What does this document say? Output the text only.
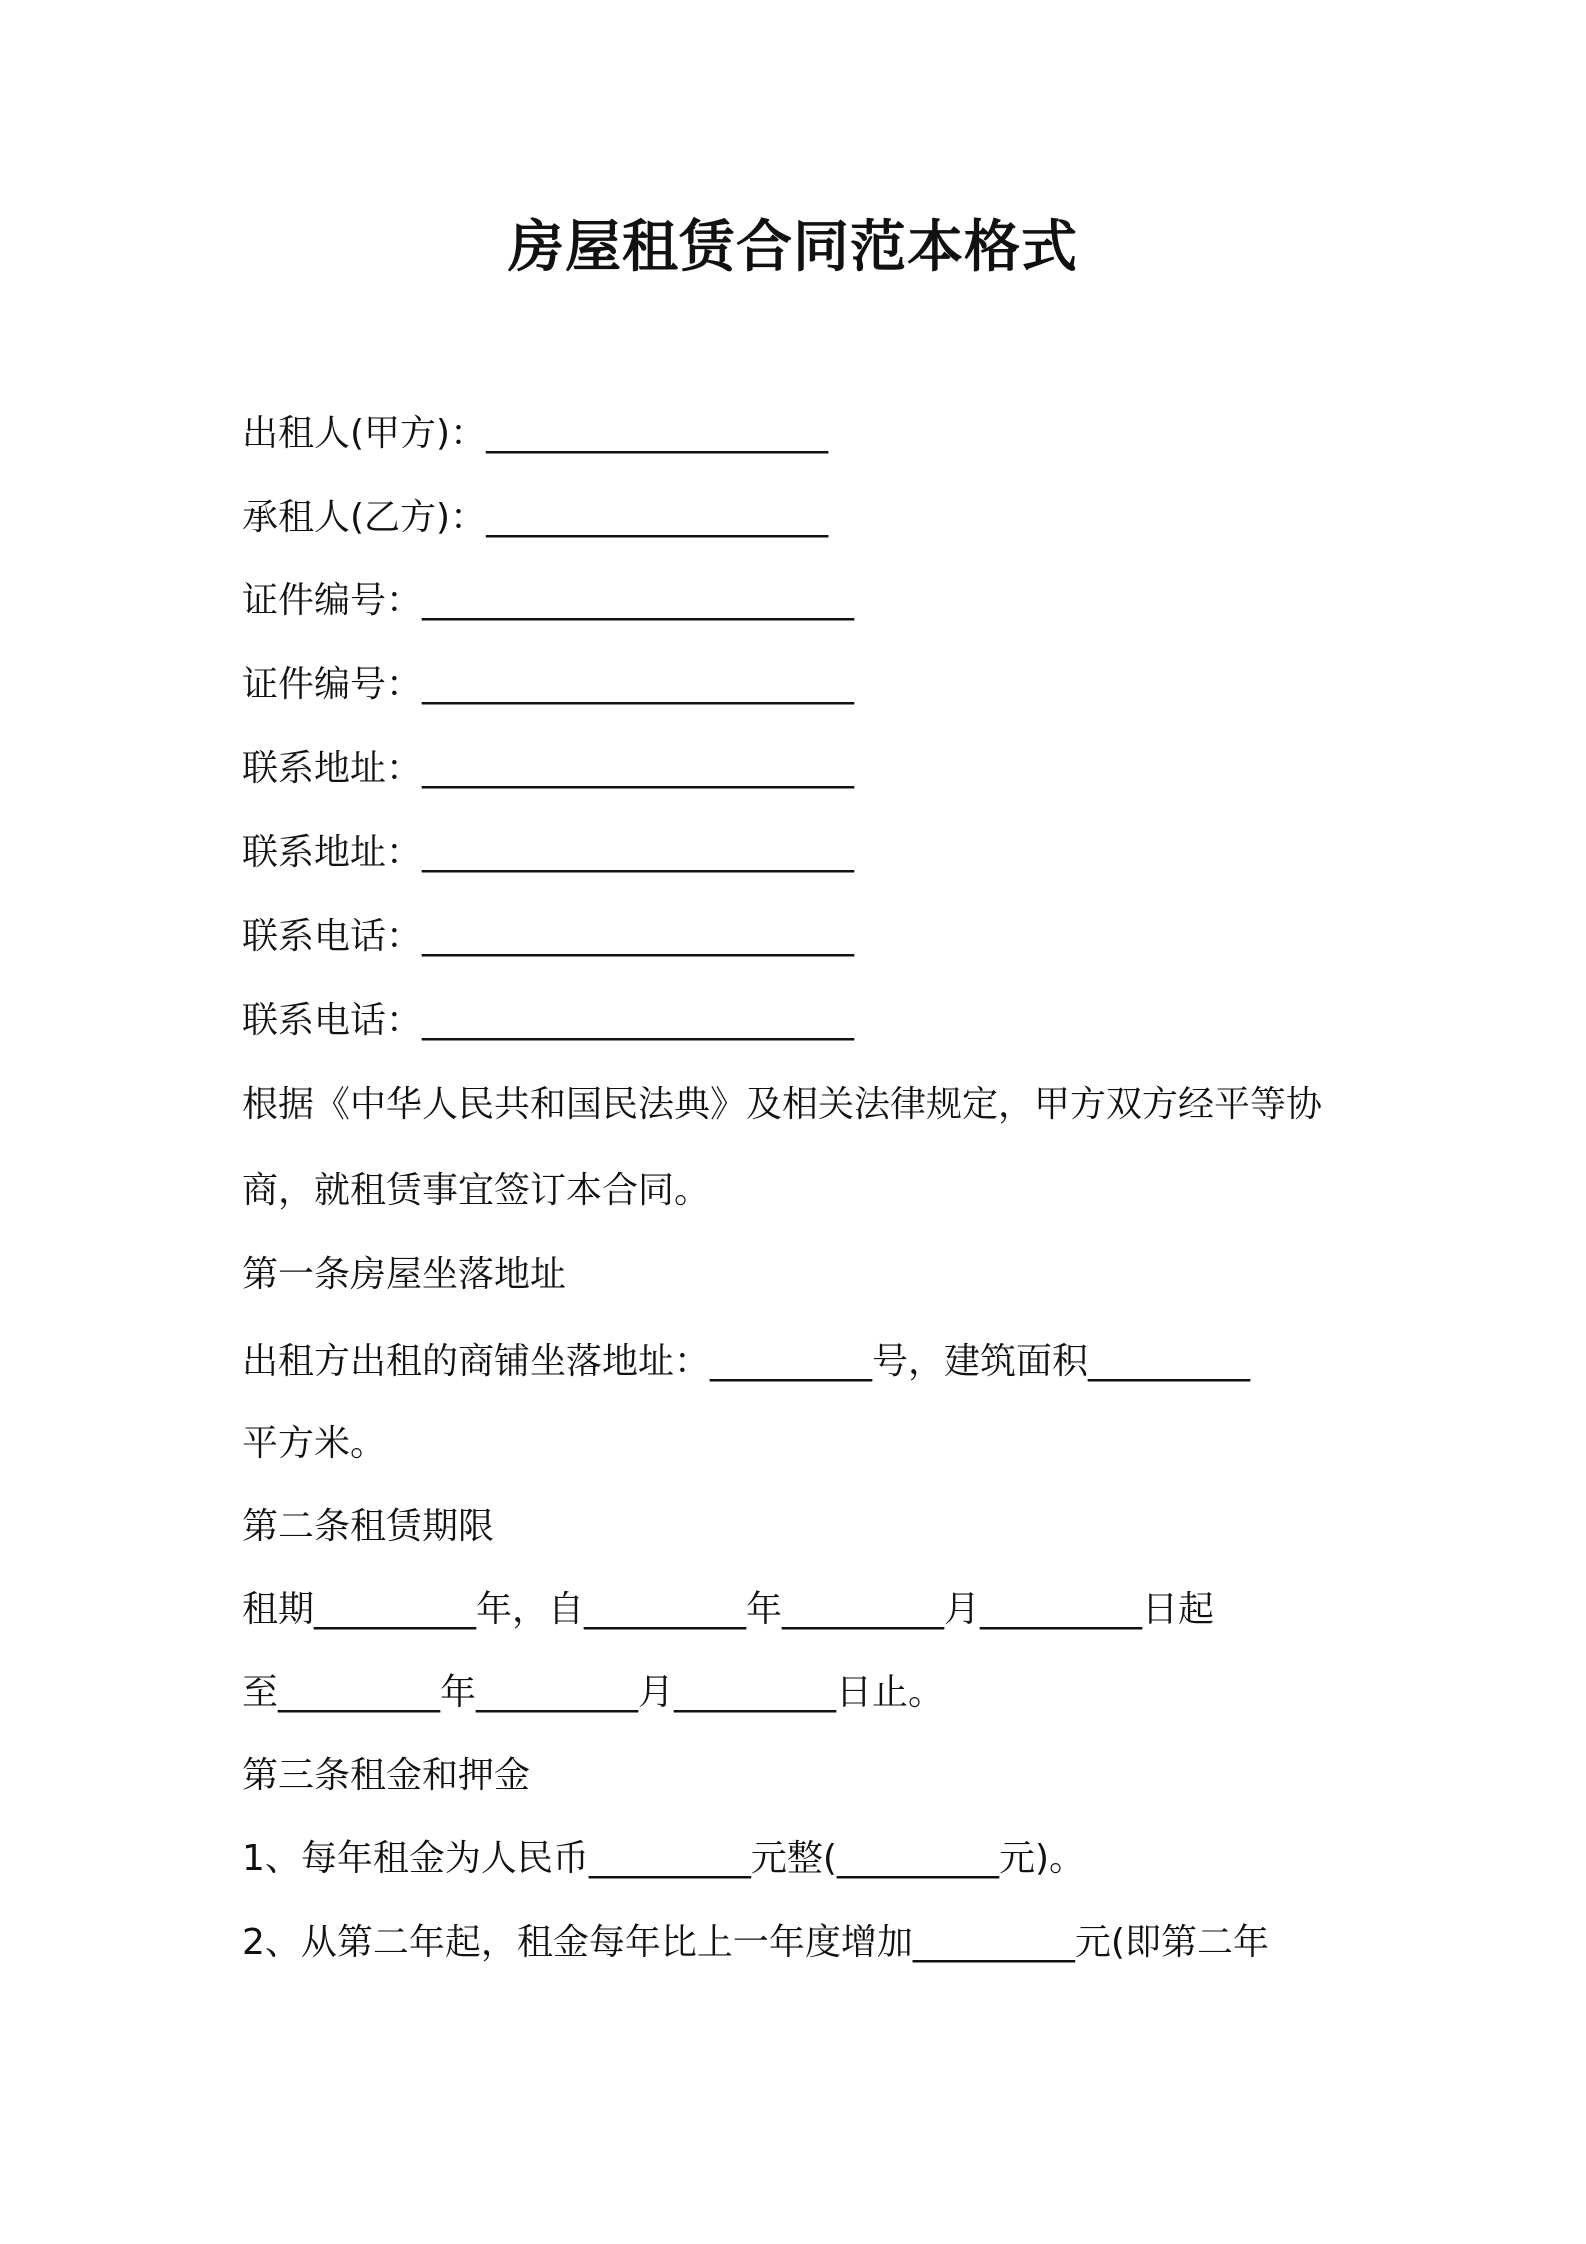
房屋租赁合同范本格式
出租人(甲方)：___________________
承租人(乙方)：___________________
证件编号：________________________
证件编号：________________________
联系地址：________________________
联系地址：________________________
联系电话：________________________
联系电话：________________________
根据《中华人民共和国民法典》及相关法律规定，甲方双方经平等协
商，就租赁事宜签订本合同。
第一条房屋坐落地址
出租方出租的商铺坐落地址：_________号，建筑面积_________
平方米。
第二条租赁期限
租期_________年，自_________年_________月_________日起
至_________年_________月_________日止。
第三条租金和押金
1、每年租金为人民币_________元整(_________元)。
2、从第二年起，租金每年比上一年度增加_________元(即第二年
